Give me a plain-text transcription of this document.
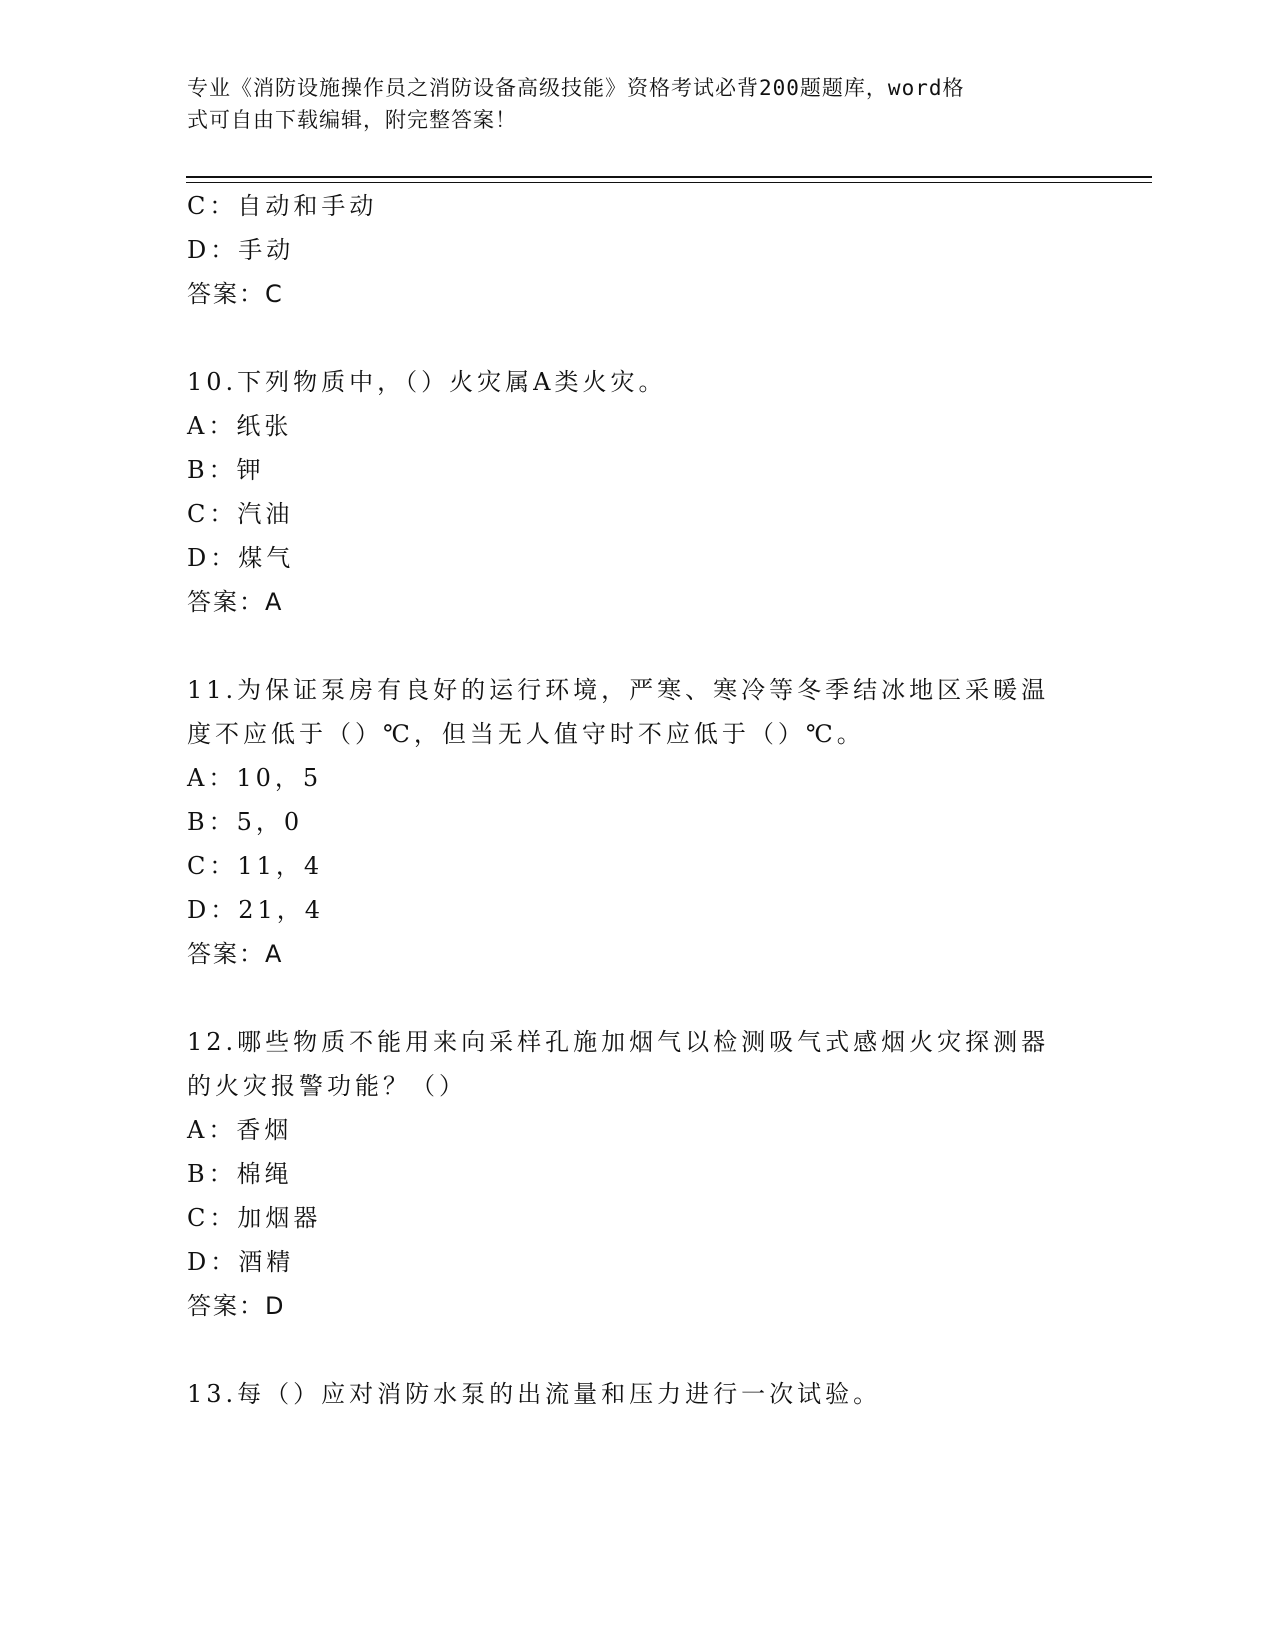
专业《消防设施操作员之消防设备高级技能》资格考试必背200题题库，word格
式可自由下载编辑，附完整答案！
C：自动和手动
D：手动
答案：C
10.下列物质中，（）火灾属A类火灾。
A：纸张
B：钾
C：汽油
D：煤气
答案：A
11.为保证泵房有良好的运行环境，严寒、寒冷等冬季结冰地区采暖温
度不应低于（）℃，但当无人值守时不应低于（）℃。
A：10，5
B：5，0
C：11，4
D：21，4
答案：A
12.哪些物质不能用来向采样孔施加烟气以检测吸气式感烟火灾探测器
的火灾报警功能？（）
A：香烟
B：棉绳
C：加烟器
D：酒精
答案：D
13.每（）应对消防水泵的出流量和压力进行一次试验。
